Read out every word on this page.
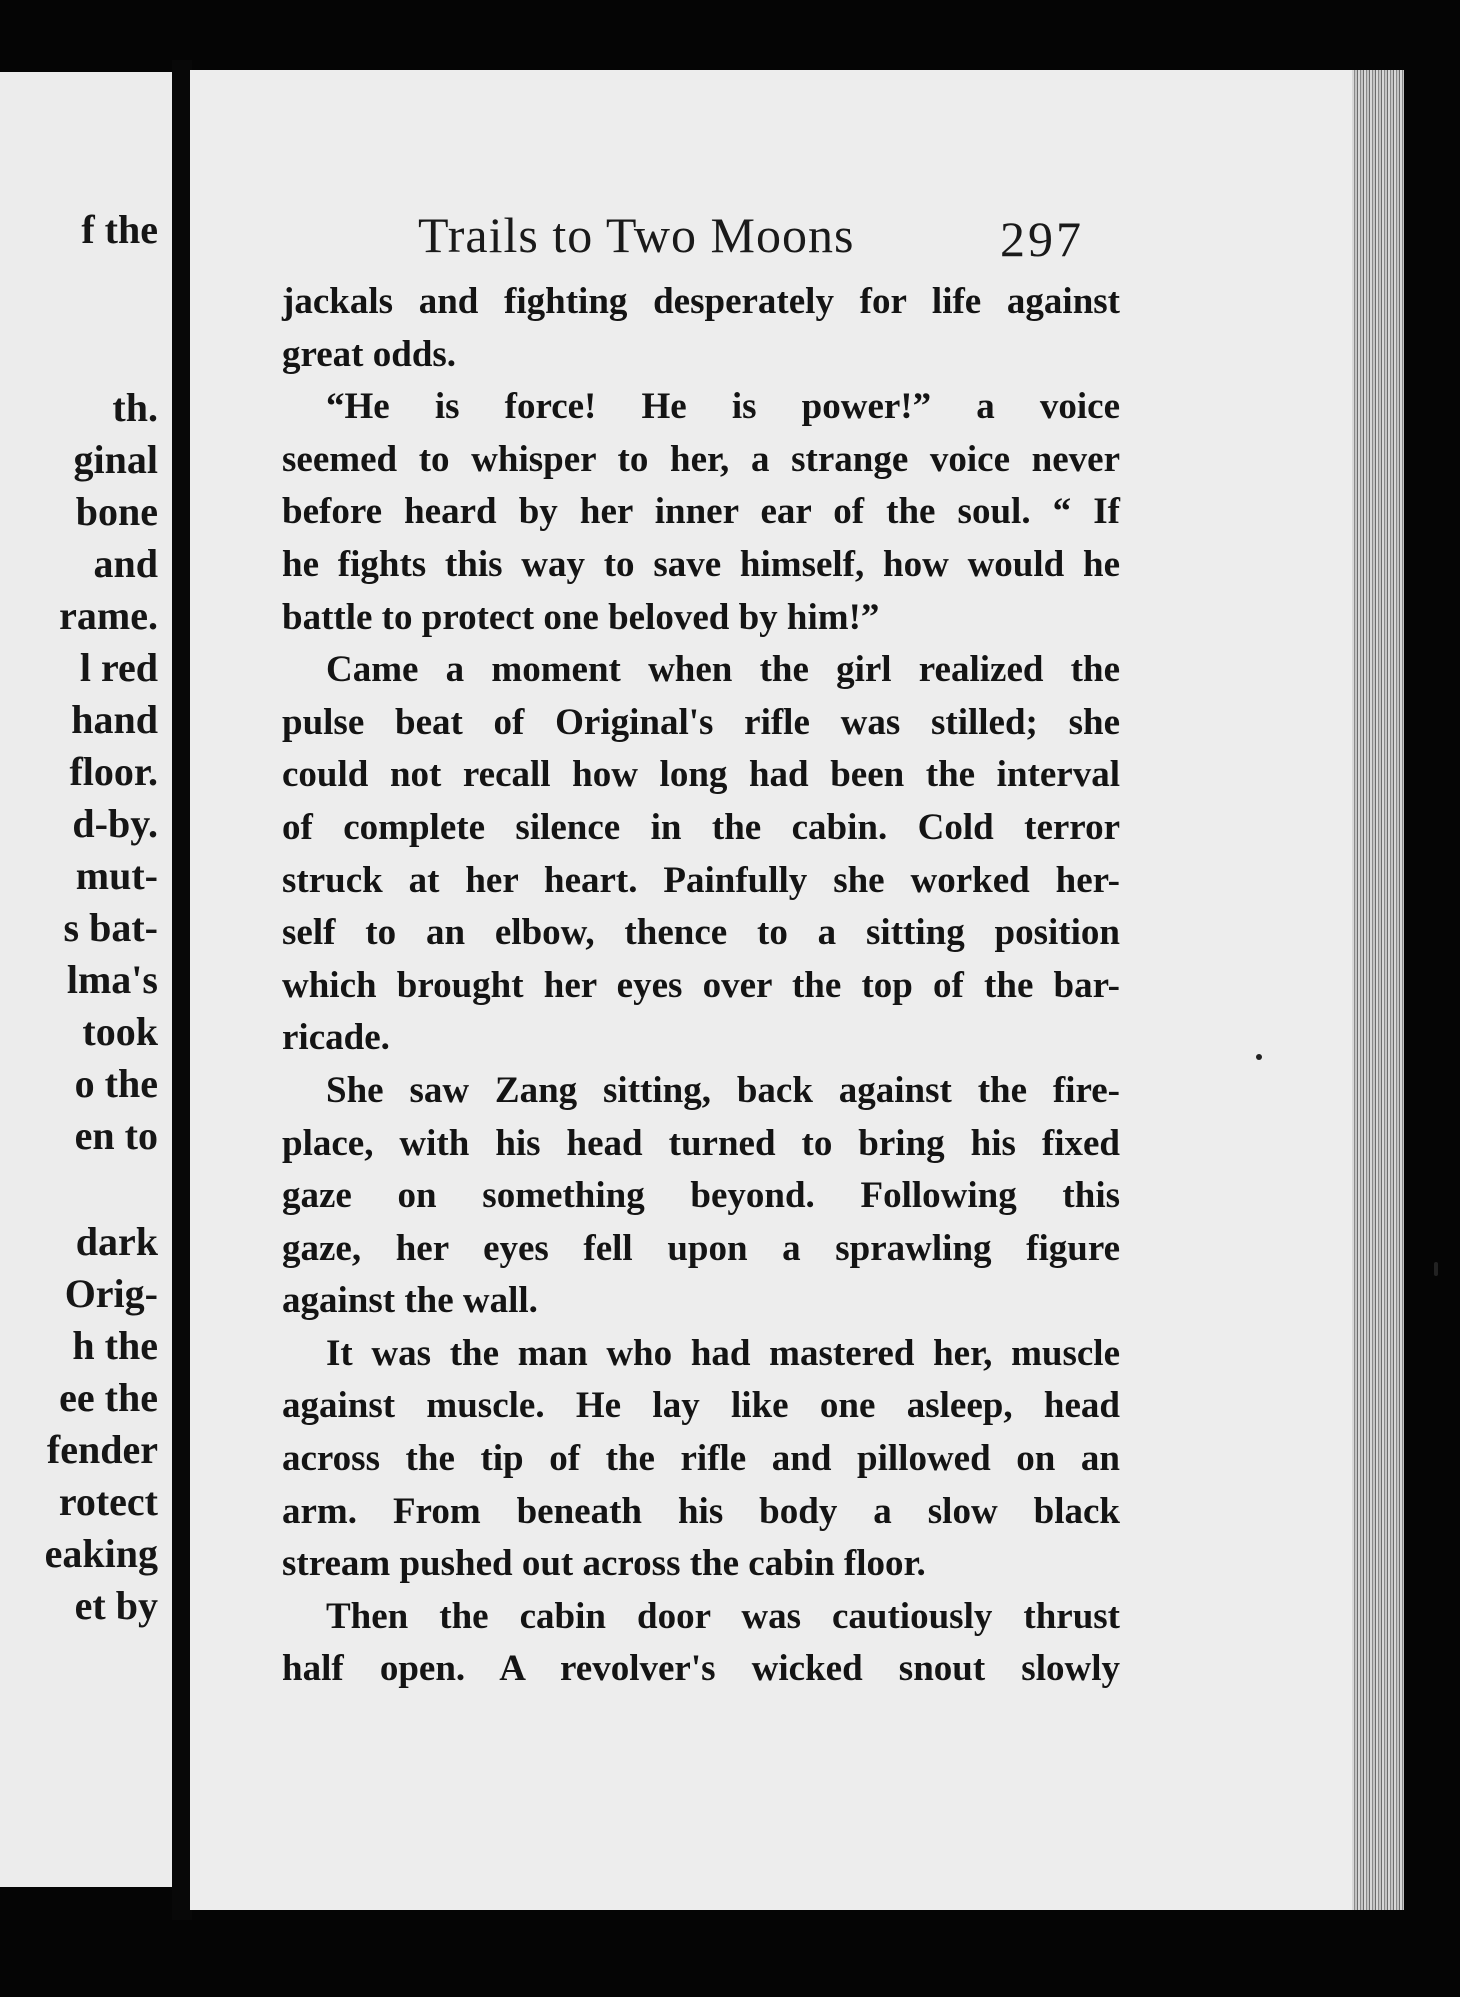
f the
th.
ginal
bone
and
rame.
l red
hand
floor.
d-by.
mut-
s bat-
lma's
took
o the
en to
dark
Orig-
h the
ee the
fender
rotect
eaking
et by
Trails to Two Moons	297
jackals and fighting desperately for life against
great odds.
“He is force! He is power!” a voice
seemed to whisper to her, a strange voice never
before heard by her inner ear of the soul. “ If
he fights this way to save himself, how would he
battle to protect one beloved by him!”
Came a moment when the girl realized the
pulse beat of Original's rifle was stilled; she
could not recall how long had been the interval
of complete silence in the cabin. Cold terror
struck at her heart. Painfully she worked her-
self to an elbow, thence to a sitting position
which brought her eyes over the top of the bar-
ricade.
She saw Zang sitting, back against the fire-
place, with his head turned to bring his fixed
gaze on something beyond. Following this
gaze, her eyes fell upon a sprawling figure
against the wall.
It was the man who had mastered her, muscle
against muscle. He lay like one asleep, head
across the tip of the rifle and pillowed on an
arm. From beneath his body a slow black
stream pushed out across the cabin floor.
Then the cabin door was cautiously thrust
half open. A revolver's wicked snout slowly
